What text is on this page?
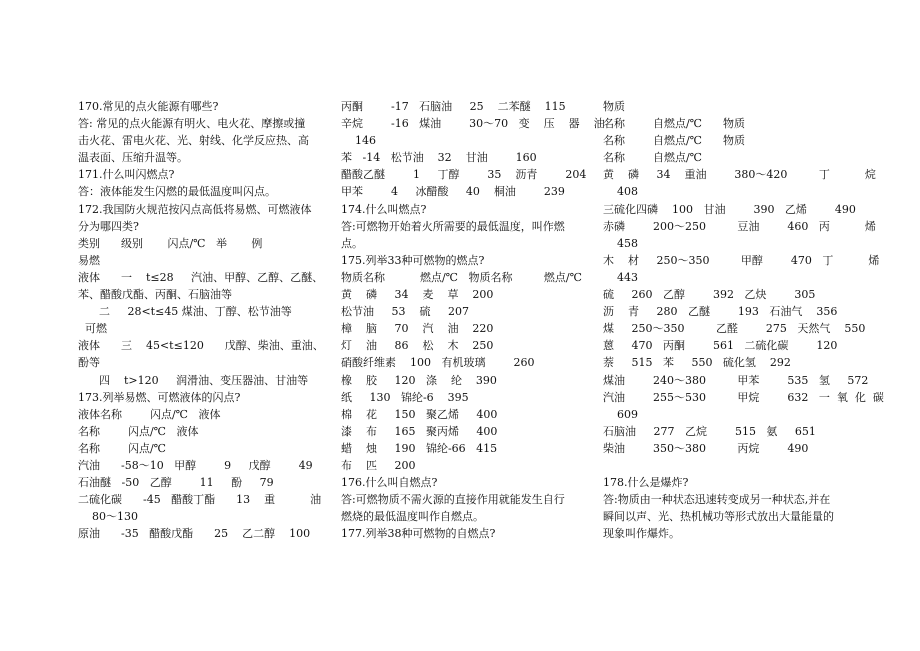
170.常见的点火能源有哪些?
答: 常见的点火能源有明火、电火花、摩擦或撞
击火花、雷电火花、光、射线、化学反应热、高
温表面、压缩升温等。
171.什么叫闪燃点?
答：液体能发生闪燃的最低温度叫闪点。
172.我国防火规范按闪点高低将易燃、可燃液体
分为哪四类?
类别      级别       闪点/℃   举       例
易燃
液体      一    t≤28     汽油、甲醇、乙醇、乙醚、
苯、醋酸戊酯、丙酮、石脑油等
二     28<t≤45 煤油、丁醇、松节油等
可燃
液体      三    45<t≤120      戊醇、柴油、重油、
酚等
四    t>120     润滑油、变压器油、甘油等
173.列举易燃、可燃液体的闪点?
液体名称        闪点/℃   液体
名称        闪点/℃   液体
名称        闪点/℃
汽油      -58～10   甲醇        9     戊醇        49
石油醚   -50   乙醇        11     酚     79
二硫化碳      -45   醋酸丁酯      13    重          油
80～130
原油      -35   醋酸戊酯      25    乙二醇    100
丙酮        -17   石脑油     25    二苯醚    115
辛烷        -16   煤油        30～70   变    压    器    油
146
苯   -14   松节油    32    甘油        160
醋酸乙醚        1     丁醇        35    沥青        204
甲苯        4     冰醋酸     40    桐油        239
174.什么叫燃点?
答:可燃物开始着火所需要的最低温度，叫作燃
点。
175.列举33种可燃物的燃点?
物质名称          燃点/℃   物质名称         燃点/℃
黄    磷     34    麦    草    200
松节油     53    硫     207
樟    脑     70    汽    油    220
灯    油     86    松    木    250
硝酸纤维素    100   有机玻璃        260
橡    胶     120   涤    纶    390
纸     130   锦纶-6    395
棉    花     150   聚乙烯     400
漆    布     165   聚丙烯     400
蜡    烛     190   锦纶-66   415
布    匹     200
176.什么叫自燃点?
答:可燃物质不需火源的直接作用就能发生自行
燃烧的最低温度叫作自燃点。
177.列举38种可燃物的自燃点?
物质
名称        自燃点/℃      物质
名称        自燃点/℃      物质
名称        自燃点/℃
黄    磷     34    重油        380～420         丁          烷
408
三硫化四磷    100   甘油        390   乙烯        490
赤磷        200～250         豆油        460   丙          烯
458
木    材     250～350         甲醇        470   丁          烯
443
硫     260   乙醇        392   乙炔        305
沥    青     280   乙醚        193   石油气    356
煤     250～350         乙醛        275   天然气    550
蒽     470   丙酮        561   二硫化碳        120
萘     515   苯     550   硫化氢    292
煤油        240～380         甲苯        535   氢     572
汽油        255～530         甲烷        632   一  氧  化  碳
609
石脑油     277   乙烷        515   氨     651
柴油        350～380         丙烷        490

178.什么是爆炸?
答:物质由一种状态迅速转变成另一种状态,并在
瞬间以声、光、热机械功等形式放出大量能量的
现象叫作爆炸。
